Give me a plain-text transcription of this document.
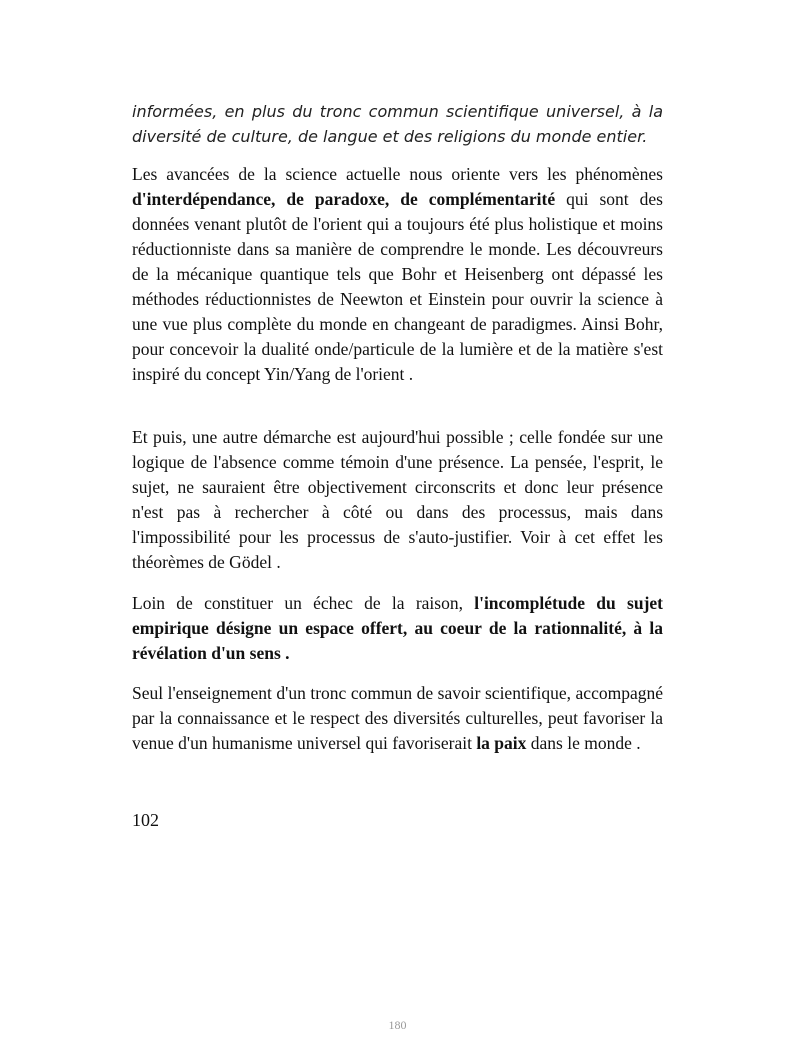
informées, en plus du tronc commun scientifique universel, à la diversité de culture, de langue et des religions du monde entier.

Les avancées de la science actuelle nous oriente vers les phénomènes d'interdépendance, de paradoxe, de complémentarité qui sont des données venant plutôt de l'orient qui a toujours été plus holistique et moins réductionniste dans sa manière de comprendre le monde. Les découvreurs de la mécanique quantique tels que Bohr et Heisenberg ont dépassé les méthodes réductionnistes de Neewton et Einstein pour ouvrir la science à une vue plus complète du monde en changeant de paradigmes. Ainsi Bohr, pour concevoir la dualité onde/particule de la lumière et de la matière s'est inspiré du concept Yin/Yang de l'orient .

Et puis, une autre démarche est aujourd'hui possible ; celle fondée sur une logique de l'absence comme témoin d'une présence. La pensée, l'esprit, le sujet, ne sauraient être objectivement circonscrits et donc leur présence n'est pas à rechercher à côté ou dans des processus, mais dans l'impossibilité pour les processus de s'auto-justifier. Voir à cet effet les théorèmes de Gödel .

Loin de constituer un échec de la raison, l'incomplétude du sujet empirique désigne un espace offert, au coeur de la rationnalité, à la révélation d'un sens .

Seul l'enseignement d'un tronc commun de savoir scientifique, accompagné par la connaissance et le respect des diversités culturelles, peut favoriser la venue d'un humanisme universel qui favoriserait la paix dans le monde .

102

180
